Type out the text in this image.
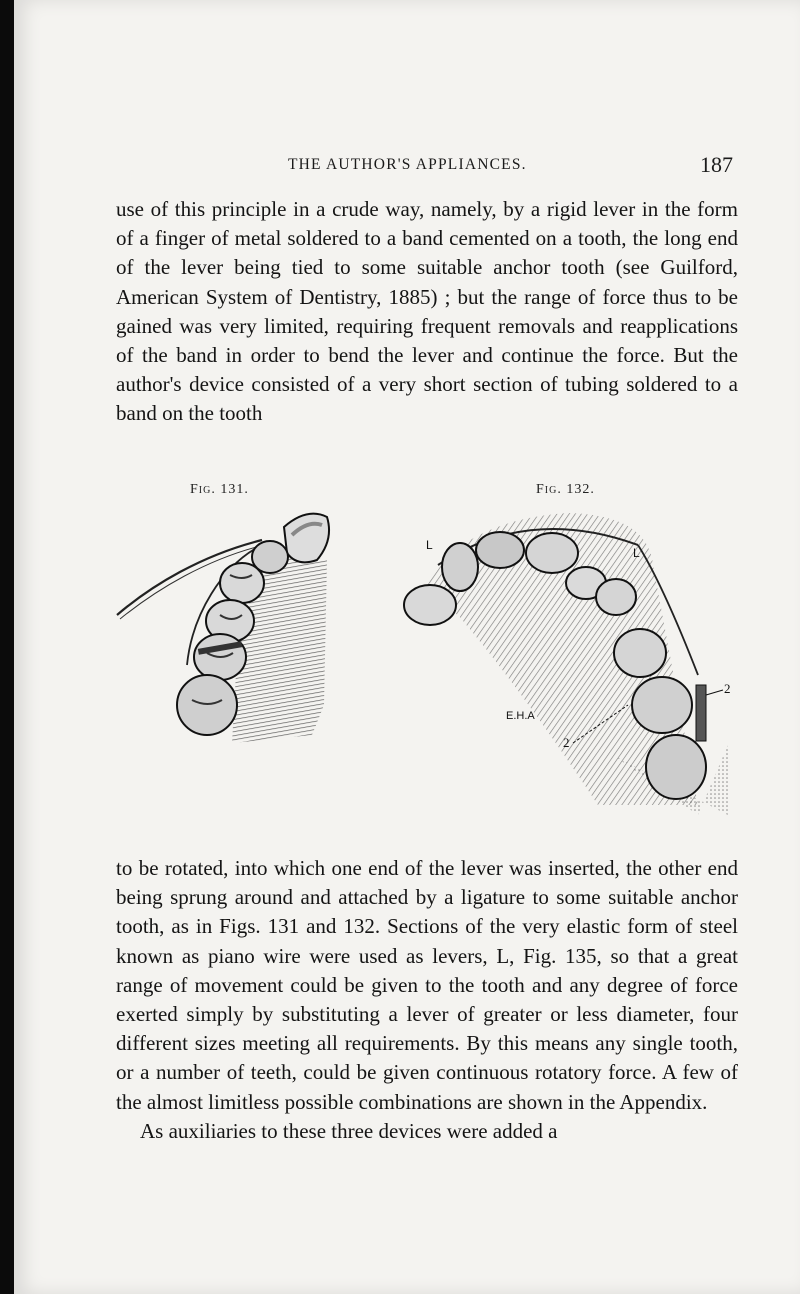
THE AUTHOR'S APPLIANCES.	187

use of this principle in a crude way, namely, by a rigid lever in the form of a finger of metal soldered to a band cemented on a tooth, the long end of the lever being tied to some suitable anchor tooth (see Guilford, American System of Dentistry, 1885) ; but the range of force thus to be gained was very limited, requiring frequent removals and reapplications of the band in order to bend the lever and continue the force. But the author's device consisted of a very short section of tubing soldered to a band on the tooth

Fig. 131.	Fig. 132.
L
L
E.H.A
2
2

to be rotated, into which one end of the lever was inserted, the other end being sprung around and attached by a ligature to some suitable anchor tooth, as in Figs. 131 and 132. Sections of the very elastic form of steel known as piano wire were used as levers, L, Fig. 135, so that a great range of movement could be given to the tooth and any degree of force exerted simply by substituting a lever of greater or less diameter, four different sizes meeting all requirements. By this means any single tooth, or a number of teeth, could be given continuous rotatory force. A few of the almost limitless possible combinations are shown in the Appendix.

As auxiliaries to these three devices were added a
